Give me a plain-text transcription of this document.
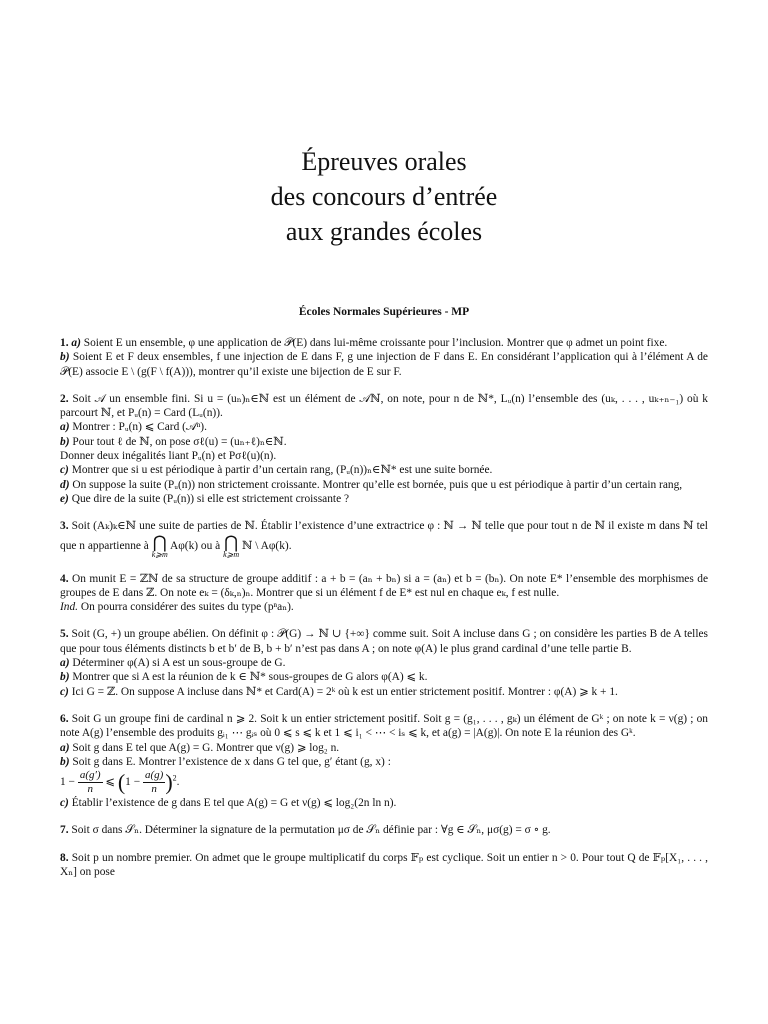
Épreuves orales
des concours d’entrée
aux grandes écoles
Écoles Normales Supérieures - MP

1. a) Soient E un ensemble, φ une application de 𝒫(E) dans lui-même croissante pour l’inclusion. Montrer que φ admet un point fixe.

b) Soient E et F deux ensembles, f une injection de E dans F, g une injection de F dans E. En considérant l’application qui à l’élément A de 𝒫(E) associe E \ (g(F \ f(A))), montrer qu’il existe une bijection de E sur F.

2. Soit 𝒜 un ensemble fini. Si u = (uₙ)ₙ∈ℕ est un élément de 𝒜ℕ, on note, pour n de ℕ*, Lᵤ(n) l’ensemble des (uₖ, . . . , uₖ₊ₙ₋₁) où k parcourt ℕ, et Pᵤ(n) = Card (Lᵤ(n)).

a) Montrer : Pᵤ(n) ⩽ Card (𝒜ⁿ).

b) Pour tout ℓ de ℕ, on pose σℓ(u) = (uₙ₊ℓ)ₙ∈ℕ.

Donner deux inégalités liant Pᵤ(n) et Pσℓ(u)(n).

c) Montrer que si u est périodique à partir d’un certain rang, (Pᵤ(n))ₙ∈ℕ* est une suite bornée.

d) On suppose la suite (Pᵤ(n)) non strictement croissante. Montrer qu’elle est bornée, puis que u est périodique à partir d’un certain rang,

e) Que dire de la suite (Pᵤ(n)) si elle est strictement croissante ?

3. Soit (Aₖ)ₖ∈ℕ une suite de parties de ℕ. Établir l’existence d’une extractrice φ : ℕ → ℕ telle que pour tout n de ℕ il existe m dans ℕ tel que n appartienne à ⋂
k⩾m
Aφ(k) ou à ⋂
k⩾m
ℕ \ Aφ(k).

4. On munit E = ℤℕ de sa structure de groupe additif : a + b = (aₙ + bₙ) si a = (aₙ) et b = (bₙ). On note E* l’ensemble des morphismes de groupes de E dans ℤ. On note eₖ = (δₖ,ₙ)ₙ. Montrer que si un élément f de E* est nul en chaque eₖ, f est nulle.

Ind. On pourra considérer des suites du type (pⁿaₙ).

5. Soit (G, +) un groupe abélien. On définit φ : 𝒫(G) → ℕ ∪ {+∞} comme suit. Soit A incluse dans G ; on considère les parties B de A telles que pour tous éléments distincts b et b′ de B, b + b′ n’est pas dans A ; on note φ(A) le plus grand cardinal d’une telle partie B.

a) Déterminer φ(A) si A est un sous-groupe de G.

b) Montrer que si A est la réunion de k ∈ ℕ* sous-groupes de G alors φ(A) ⩽ k.

c) Ici G = ℤ. On suppose A incluse dans ℕ* et Card(A) = 2ᵏ où k est un entier strictement positif. Montrer : φ(A) ⩾ k + 1.

6. Soit G un groupe fini de cardinal n ⩾ 2. Soit k un entier strictement positif. Soit g = (g₁, . . . , gₖ) un élément de Gᵏ ; on note k = ν(g) ; on note A(g) l’ensemble des produits gᵢ₁ ⋯ gᵢₛ où 0 ⩽ s ⩽ k et 1 ⩽ i₁ < ⋯ < iₛ ⩽ k, et a(g) = |A(g)|. On note E la réunion des Gᵏ.

a) Soit g dans E tel que A(g) = G. Montrer que ν(g) ⩾ log₂ n.

b) Soit g dans E. Montrer l’existence de x dans G tel que, g′ étant (g, x) :

$1 - \frac{a(g')}{n}$ ⩽ $(1 - \frac{a(g)}{n} )^2$.

c) Établir l’existence de g dans E tel que A(g) = G et ν(g) ⩽ log₂(2n ln n).

7. Soit σ dans 𝒮ₙ. Déterminer la signature de la permutation μσ de 𝒮ₙ définie par : ∀g ∈ 𝒮ₙ, μσ(g) = σ ∘ g.

8. Soit p un nombre premier. On admet que le groupe multiplicatif du corps 𝔽ₚ est cyclique. Soit un entier n > 0. Pour tout Q de 𝔽ₚ[X₁, . . . , Xₙ] on pose
